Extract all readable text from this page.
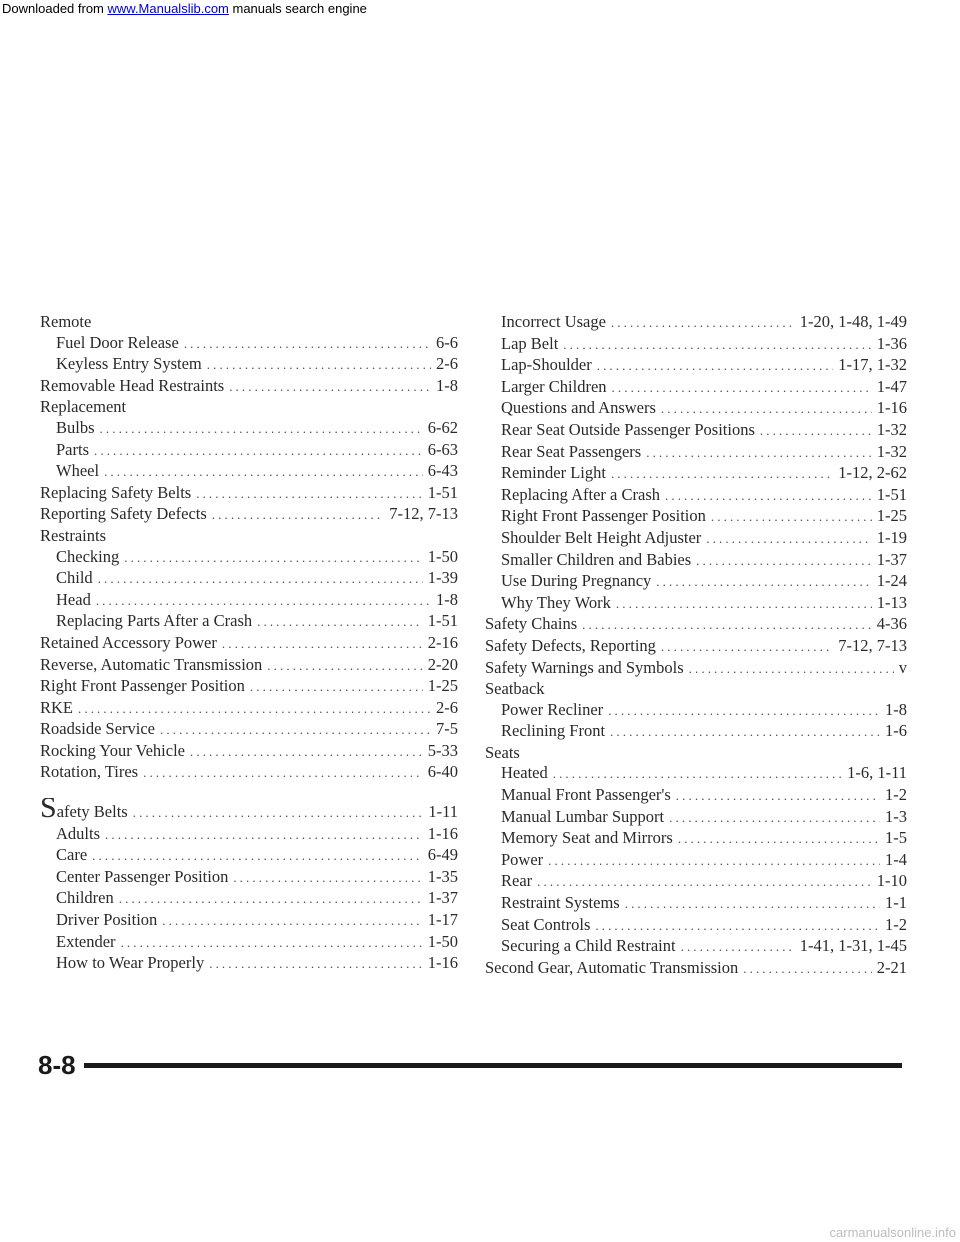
Downloaded from www.Manualslib.com manuals search engine
Remote
Fuel Door Release .....	6-6
Keyless Entry System .....	2-6
Removable Head Restraints .....	1-8
Replacement
Bulbs .....	6-62
Parts .....	6-63
Wheel .....	6-43
Replacing Safety Belts .....	1-51
Reporting Safety Defects .....	7-12, 7-13
Restraints
Checking .....	1-50
Child .....	1-39
Head .....	1-8
Replacing Parts After a Crash .....	1-51
Retained Accessory Power .....	2-16
Reverse, Automatic Transmission .....	2-20
Right Front Passenger Position .....	1-25
RKE .....	2-6
Roadside Service .....	7-5
Rocking Your Vehicle .....	5-33
Rotation, Tires .....	6-40
Safety Belts .....	1-11
Adults .....	1-16
Care .....	6-49
Center Passenger Position .....	1-35
Children .....	1-37
Driver Position .....	1-17
Extender .....	1-50
How to Wear Properly .....	1-16
Incorrect Usage .....	1-20, 1-48, 1-49
Lap Belt .....	1-36
Lap-Shoulder .....	1-17, 1-32
Larger Children .....	1-47
Questions and Answers .....	1-16
Rear Seat Outside Passenger Positions .....	1-32
Rear Seat Passengers .....	1-32
Reminder Light .....	1-12, 2-62
Replacing After a Crash .....	1-51
Right Front Passenger Position .....	1-25
Shoulder Belt Height Adjuster .....	1-19
Smaller Children and Babies .....	1-37
Use During Pregnancy .....	1-24
Why They Work .....	1-13
Safety Chains .....	4-36
Safety Defects, Reporting .....	7-12, 7-13
Safety Warnings and Symbols .....	v
Seatback
Power Recliner .....	1-8
Reclining Front .....	1-6
Seats
Heated .....	1-6, 1-11
Manual Front Passenger's .....	1-2
Manual Lumbar Support .....	1-3
Memory Seat and Mirrors .....	1-5
Power .....	1-4
Rear .....	1-10
Restraint Systems .....	1-1
Seat Controls .....	1-2
Securing a Child Restraint .....	1-41, 1-31, 1-45
Second Gear, Automatic Transmission .....	2-21
8-8
carmanualsonline.info
